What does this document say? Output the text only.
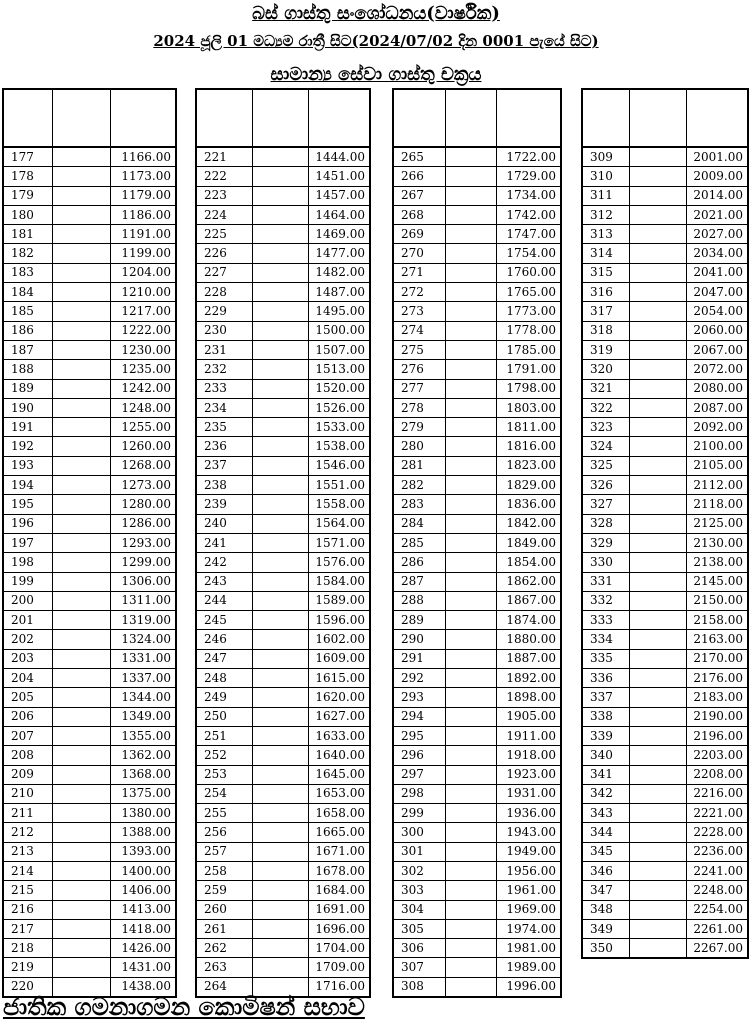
බස් ගාස්තු සංශෝධනය(වාර්ෂික)
2024 ජූලි 01 මධ්‍යම රාත්‍රී සිට(2024/07/02 දින 0001 පැයේ සිට)
සාමාන්‍ය සේවා ගාස්තු චක්‍රය

177		1166.00
178		1173.00
179		1179.00
180		1186.00
181		1191.00
182		1199.00
183		1204.00
184		1210.00
185		1217.00
186		1222.00
187		1230.00
188		1235.00
189		1242.00
190		1248.00
191		1255.00
192		1260.00
193		1268.00
194		1273.00
195		1280.00
196		1286.00
197		1293.00
198		1299.00
199		1306.00
200		1311.00
201		1319.00
202		1324.00
203		1331.00
204		1337.00
205		1344.00
206		1349.00
207		1355.00
208		1362.00
209		1368.00
210		1375.00
211		1380.00
212		1388.00
213		1393.00
214		1400.00
215		1406.00
216		1413.00
217		1418.00
218		1426.00
219		1431.00
220		1438.00

221		1444.00
222		1451.00
223		1457.00
224		1464.00
225		1469.00
226		1477.00
227		1482.00
228		1487.00
229		1495.00
230		1500.00
231		1507.00
232		1513.00
233		1520.00
234		1526.00
235		1533.00
236		1538.00
237		1546.00
238		1551.00
239		1558.00
240		1564.00
241		1571.00
242		1576.00
243		1584.00
244		1589.00
245		1596.00
246		1602.00
247		1609.00
248		1615.00
249		1620.00
250		1627.00
251		1633.00
252		1640.00
253		1645.00
254		1653.00
255		1658.00
256		1665.00
257		1671.00
258		1678.00
259		1684.00
260		1691.00
261		1696.00
262		1704.00
263		1709.00
264		1716.00

265		1722.00
266		1729.00
267		1734.00
268		1742.00
269		1747.00
270		1754.00
271		1760.00
272		1765.00
273		1773.00
274		1778.00
275		1785.00
276		1791.00
277		1798.00
278		1803.00
279		1811.00
280		1816.00
281		1823.00
282		1829.00
283		1836.00
284		1842.00
285		1849.00
286		1854.00
287		1862.00
288		1867.00
289		1874.00
290		1880.00
291		1887.00
292		1892.00
293		1898.00
294		1905.00
295		1911.00
296		1918.00
297		1923.00
298		1931.00
299		1936.00
300		1943.00
301		1949.00
302		1956.00
303		1961.00
304		1969.00
305		1974.00
306		1981.00
307		1989.00
308		1996.00

309		2001.00
310		2009.00
311		2014.00
312		2021.00
313		2027.00
314		2034.00
315		2041.00
316		2047.00
317		2054.00
318		2060.00
319		2067.00
320		2072.00
321		2080.00
322		2087.00
323		2092.00
324		2100.00
325		2105.00
326		2112.00
327		2118.00
328		2125.00
329		2130.00
330		2138.00
331		2145.00
332		2150.00
333		2158.00
334		2163.00
335		2170.00
336		2176.00
337		2183.00
338		2190.00
339		2196.00
340		2203.00
341		2208.00
342		2216.00
343		2221.00
344		2228.00
345		2236.00
346		2241.00
347		2248.00
348		2254.00
349		2261.00
350		2267.00
ජාතික ගමනාගමන කොමිෂන් සභාව
